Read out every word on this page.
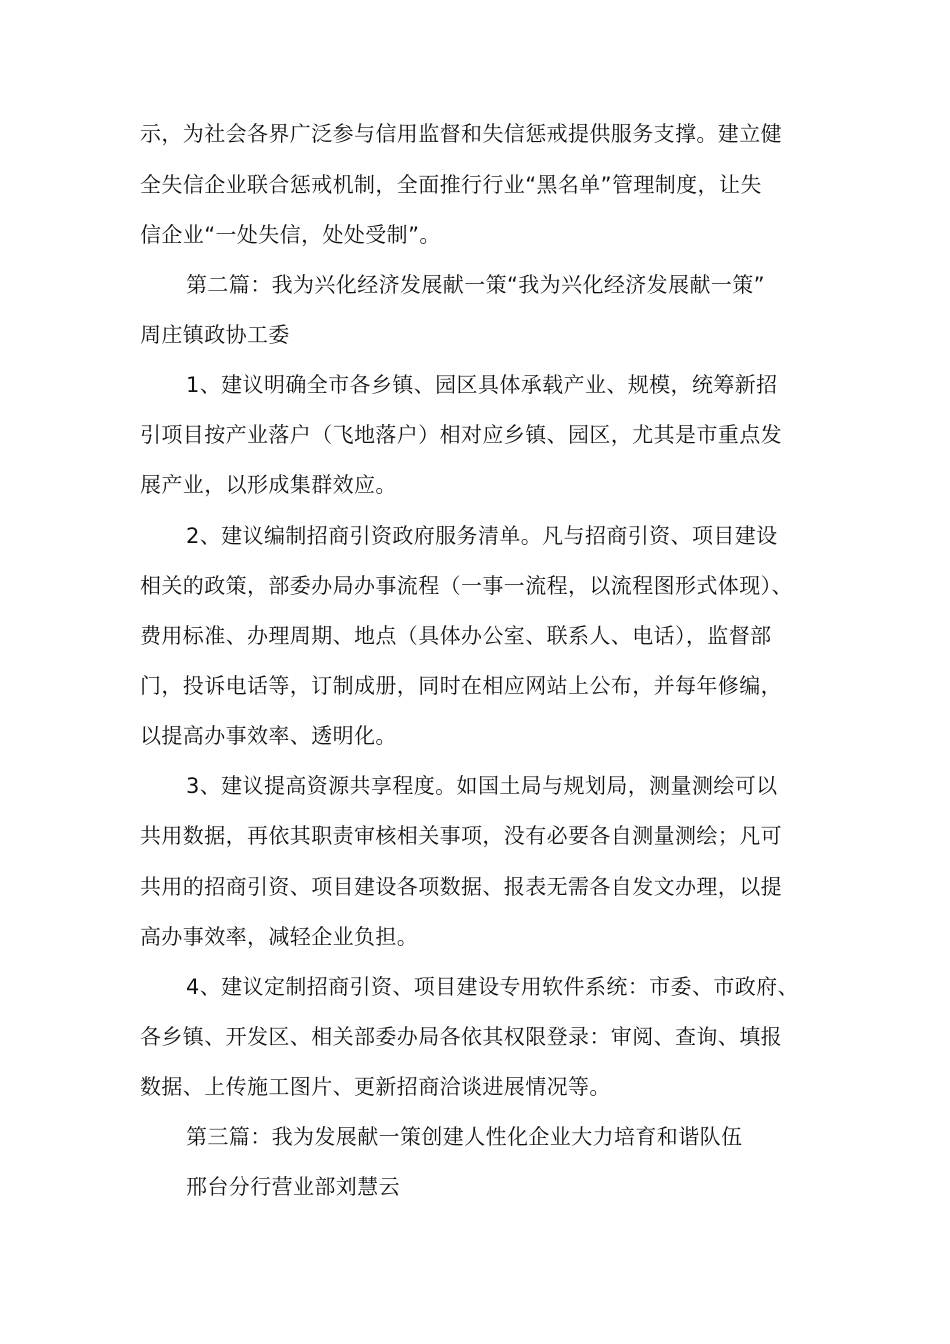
示，为社会各界广泛参与信用监督和失信惩戒提供服务支撑。建立健
全失信企业联合惩戒机制，全面推行行业“黑名单”管理制度，让失
信企业“一处失信，处处受制”。
第二篇：我为兴化经济发展献一策“我为兴化经济发展献一策”
周庄镇政协工委
1、建议明确全市各乡镇、园区具体承载产业、规模，统筹新招
引项目按产业落户（飞地落户）相对应乡镇、园区，尤其是市重点发
展产业，以形成集群效应。
2、建议编制招商引资政府服务清单。凡与招商引资、项目建设
相关的政策，部委办局办事流程（一事一流程，以流程图形式体现）、
费用标准、办理周期、地点（具体办公室、联系人、电话），监督部
门，投诉电话等，订制成册，同时在相应网站上公布，并每年修编，
以提高办事效率、透明化。
3、建议提高资源共享程度。如国土局与规划局，测量测绘可以
共用数据，再依其职责审核相关事项，没有必要各自测量测绘；凡可
共用的招商引资、项目建设各项数据、报表无需各自发文办理，以提
高办事效率，减轻企业负担。
4、建议定制招商引资、项目建设专用软件系统：市委、市政府、
各乡镇、开发区、相关部委办局各依其权限登录：审阅、查询、填报
数据、上传施工图片、更新招商洽谈进展情况等。
第三篇：我为发展献一策创建人性化企业大力培育和谐队伍
邢台分行营业部刘慧云
